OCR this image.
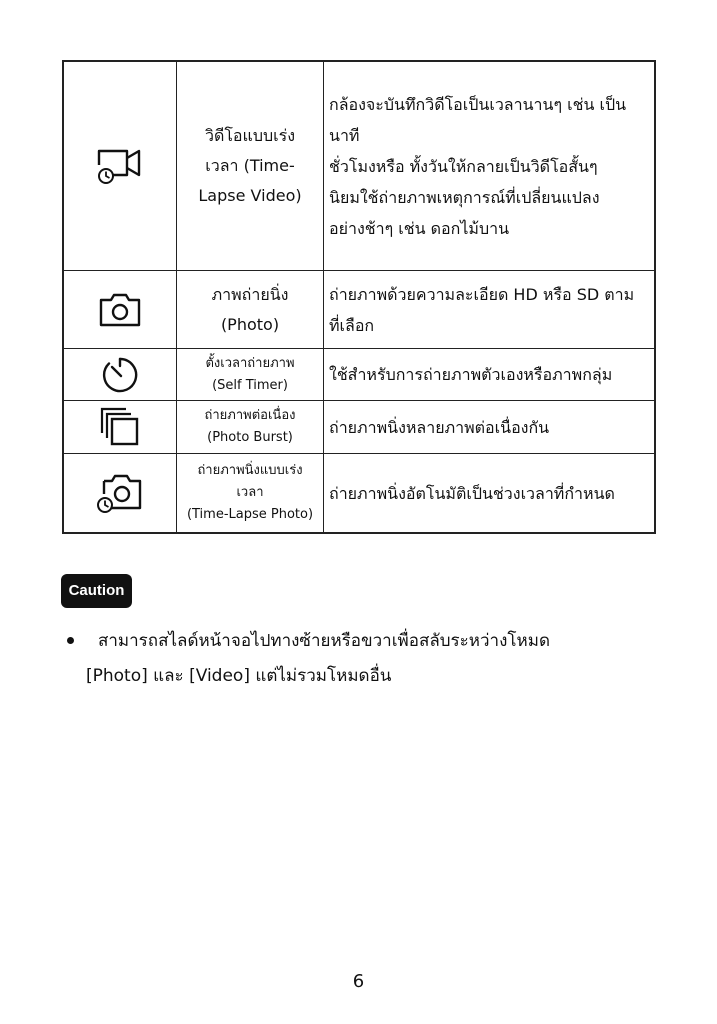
วิดีโอแบบเร่ง
เวลา (Time-
Lapse Video)	กล้องจะบันทึกวิดีโอเป็นเวลานานๆ เช่น เป็นนาที
ชั่วโมงหรือ ทั้งวันให้กลายเป็นวิดีโอสั้นๆ
นิยมใช้ถ่ายภาพเหตุการณ์ที่เปลี่ยนแปลง
อย่างช้าๆ เช่น ดอกไม้บาน

ภาพถ่ายนิ่ง
(Photo)	ถ่ายภาพด้วยความละเอียด HD หรือ SD ตาม
ที่เลือก

ตั้งเวลาถ่ายภาพ
(Self Timer)	ใช้สำหรับการถ่ายภาพตัวเองหรือภาพกลุ่ม

ถ่ายภาพต่อเนื่อง
(Photo Burst)	ถ่ายภาพนิ่งหลายภาพต่อเนื่องกัน

ถ่ายภาพนิ่งแบบเร่ง
เวลา
(Time-Lapse Photo)	ถ่ายภาพนิ่งอัตโนมัติเป็นช่วงเวลาที่กำหนด
Caution
สามารถสไลด์หน้าจอไปทางซ้ายหรือขวาเพื่อสลับระหว่างโหมด
[Photo] และ [Video] แต่ไม่รวมโหมดอื่น
6
